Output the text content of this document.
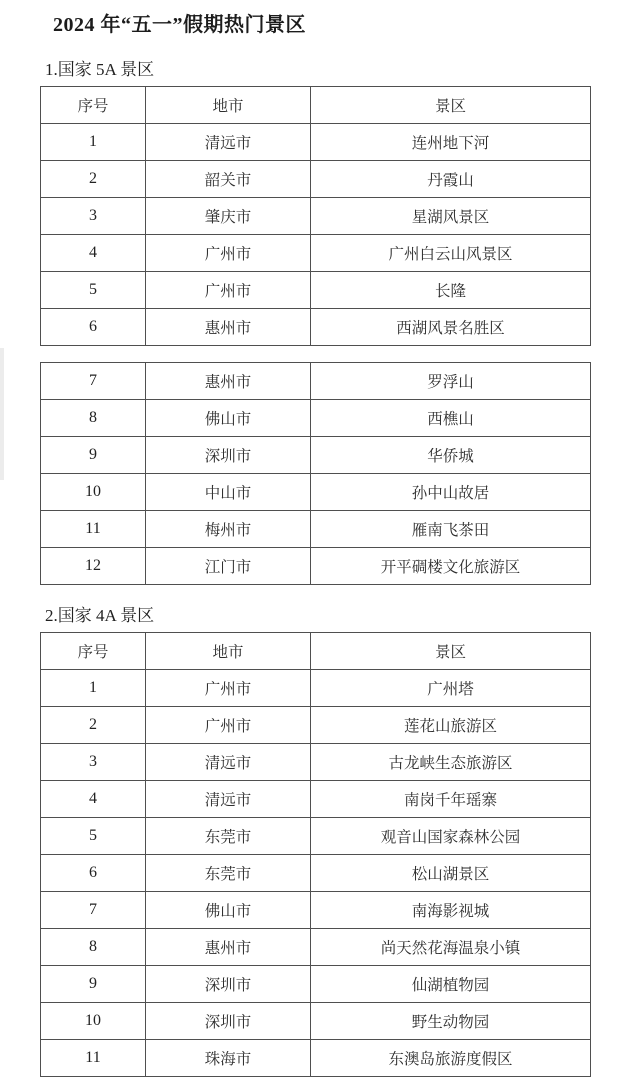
2024 年“五一”假期热门景区
1.国家 5A 景区
序号	地市	景区
1	清远市	连州地下河
2	韶关市	丹霞山
3	肇庆市	星湖风景区
4	广州市	广州白云山风景区
5	广州市	长隆
6	惠州市	西湖风景名胜区
7	惠州市	罗浮山
8	佛山市	西樵山
9	深圳市	华侨城
10	中山市	孙中山故居
11	梅州市	雁南飞茶田
12	江门市	开平碉楼文化旅游区
2.国家 4A 景区
序号	地市	景区
1	广州市	广州塔
2	广州市	莲花山旅游区
3	清远市	古龙峡生态旅游区
4	清远市	南岗千年瑶寨
5	东莞市	观音山国家森林公园
6	东莞市	松山湖景区
7	佛山市	南海影视城
8	惠州市	尚天然花海温泉小镇
9	深圳市	仙湖植物园
10	深圳市	野生动物园
11	珠海市	东澳岛旅游度假区
